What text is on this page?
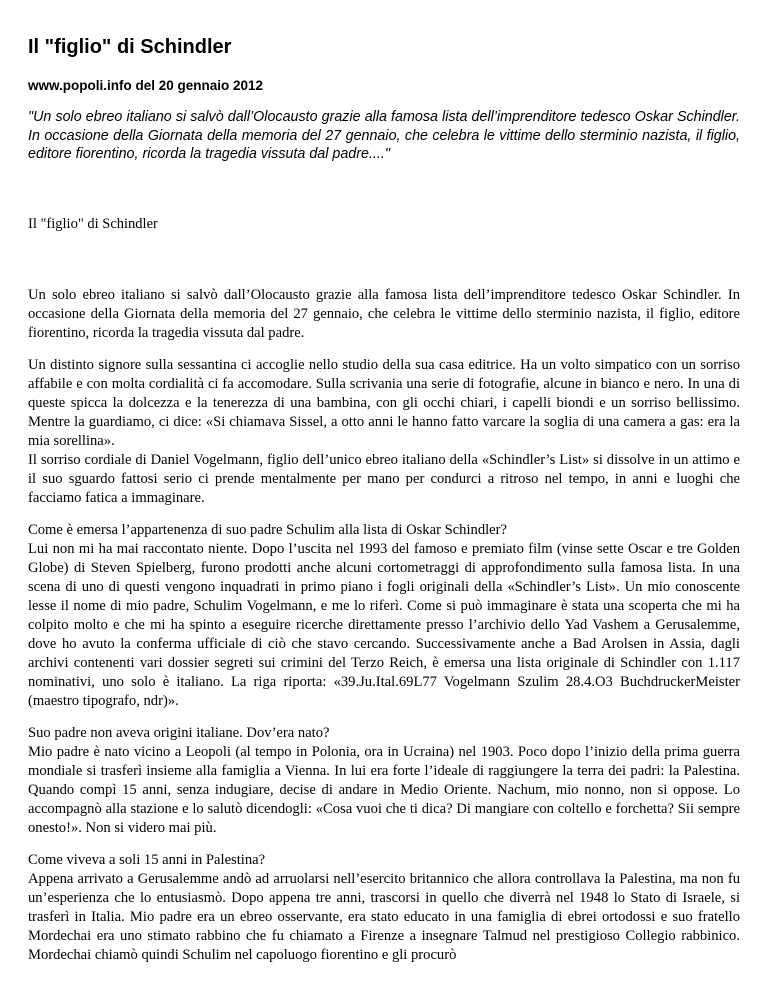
Il "figlio" di Schindler
www.popoli.info del 20 gennaio 2012

"Un solo ebreo italiano si salvò dall’Olocausto grazie alla famosa lista dell’imprenditore tedesco Oskar Schindler. In occasione della Giornata della memoria del 27 gennaio, che celebra le vittime dello sterminio nazista, il figlio, editore fiorentino, ricorda la tragedia vissuta dal padre...."

Il "figlio" di Schindler

Un solo ebreo italiano si salvò dall’Olocausto grazie alla famosa lista dell’imprenditore tedesco Oskar Schindler. In occasione della Giornata della memoria del 27 gennaio, che celebra le vittime dello sterminio nazista, il figlio, editore fiorentino, ricorda la tragedia vissuta dal padre.

Un distinto signore sulla sessantina ci accoglie nello studio della sua casa editrice. Ha un volto simpatico con un sorriso affabile e con molta cordialità ci fa accomodare. Sulla scrivania una serie di fotografie, alcune in bianco e nero. In una di queste spicca la dolcezza e la tenerezza di una bambina, con gli occhi chiari, i capelli biondi e un sorriso bellissimo. Mentre la guardiamo, ci dice: «Si chiamava Sissel, a otto anni le hanno fatto varcare la soglia di una camera a gas: era la mia sorellina».
Il sorriso cordiale di Daniel Vogelmann, figlio dell’unico ebreo italiano della «Schindler’s List» si dissolve in un attimo e il suo sguardo fattosi serio ci prende mentalmente per mano per condurci a ritroso nel tempo, in anni e luoghi che facciamo fatica a immaginare.

Come è emersa l’appartenenza di suo padre Schulim alla lista di Oskar Schindler?
Lui non mi ha mai raccontato niente. Dopo l’uscita nel 1993 del famoso e premiato film (vinse sette Oscar e tre Golden Globe) di Steven Spielberg, furono prodotti anche alcuni cortometraggi di approfondimento sulla famosa lista. In una scena di uno di questi vengono inquadrati in primo piano i fogli originali della «Schindler’s List». Un mio conoscente lesse il nome di mio padre, Schulim Vogelmann, e me lo riferì. Come si può immaginare è stata una scoperta che mi ha colpito molto e che mi ha spinto a eseguire ricerche direttamente presso l’archivio dello Yad Vashem a Gerusalemme, dove ho avuto la conferma ufficiale di ciò che stavo cercando. Successivamente anche a Bad Arolsen in Assia, dagli archivi contenenti vari dossier segreti sui crimini del Terzo Reich, è emersa una lista originale di Schindler con 1.117 nominativi, uno solo è italiano. La riga riporta: «39.Ju.Ital.69L77 Vogelmann Szulim 28.4.O3 BuchdruckerMeister (maestro tipografo, ndr)».

Suo padre non aveva origini italiane. Dov’era nato?
Mio padre è nato vicino a Leopoli (al tempo in Polonia, ora in Ucraina) nel 1903. Poco dopo l’inizio della prima guerra mondiale si trasferì insieme alla famiglia a Vienna. In lui era forte l’ideale di raggiungere la terra dei padri: la Palestina. Quando compì 15 anni, senza indugiare, decise di andare in Medio Oriente. Nachum, mio nonno, non si oppose. Lo accompagnò alla stazione e lo salutò dicendogli: «Cosa vuoi che ti dica? Di mangiare con coltello e forchetta? Sii sempre onesto!». Non si videro mai più.

Come viveva a soli 15 anni in Palestina?
Appena arrivato a Gerusalemme andò ad arruolarsi nell’esercito britannico che allora controllava la Palestina, ma non fu un’esperienza che lo entusiasmò. Dopo appena tre anni, trascorsi in quello che diverrà nel 1948 lo Stato di Israele, si trasferì in Italia. Mio padre era un ebreo osservante, era stato educato in una famiglia di ebrei ortodossi e suo fratello Mordechai era uno stimato rabbino che fu chiamato a Firenze a insegnare Talmud nel prestigioso Collegio rabbinico. Mordechai chiamò quindi Schulim nel capoluogo fiorentino e gli procurò
